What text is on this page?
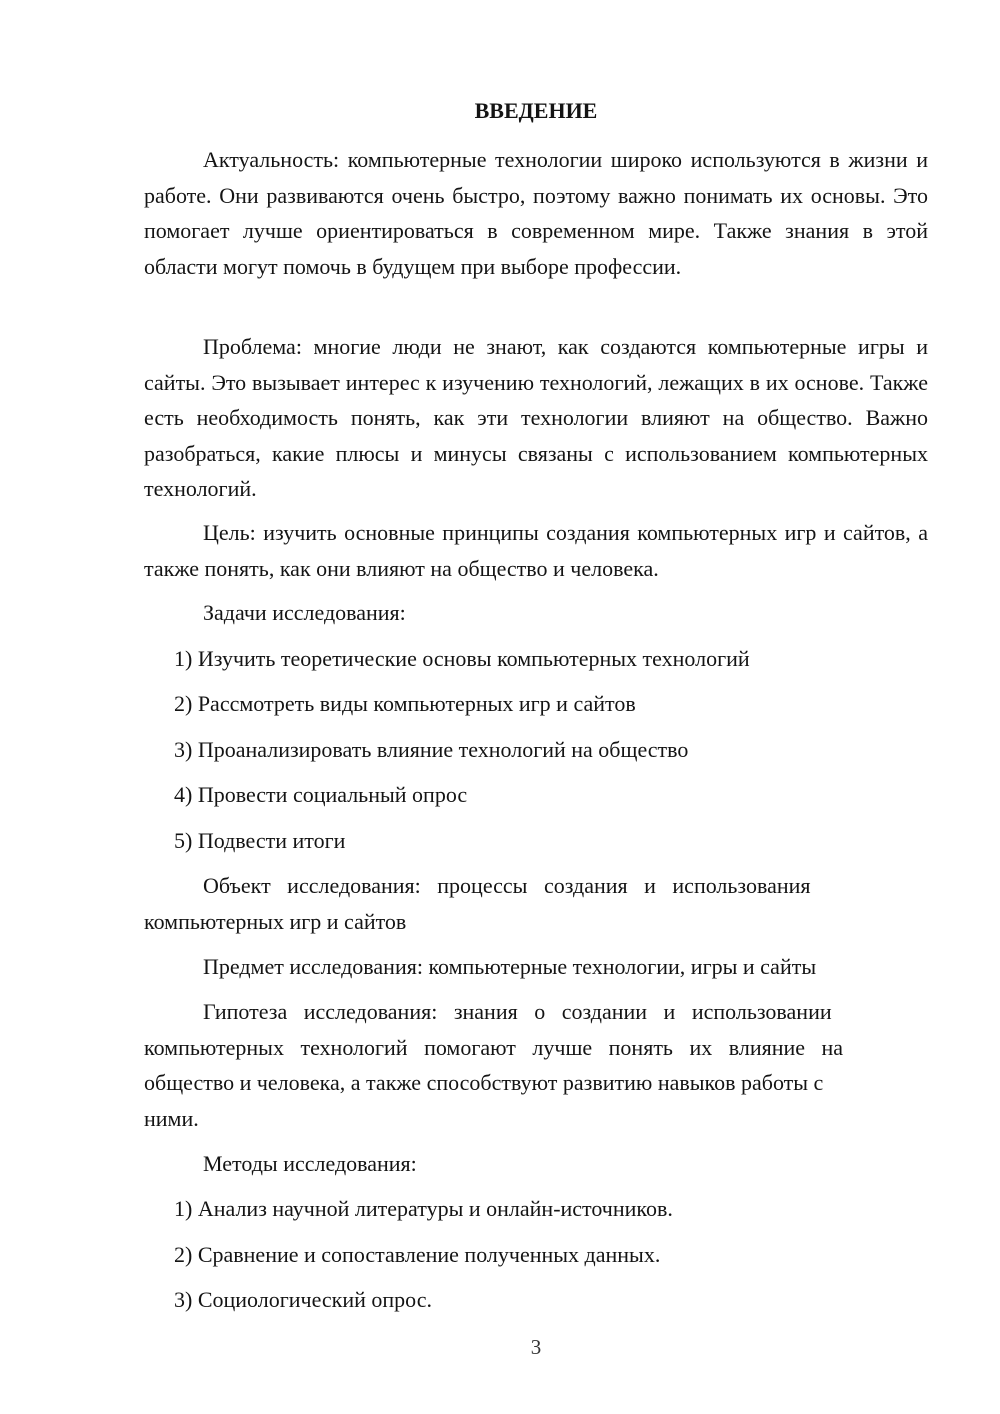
ВВЕДЕНИЕ

Актуальность: компьютерные технологии широко используются в жизни и работе. Они развиваются очень быстро, поэтому важно понимать их основы. Это помогает лучше ориентироваться в современном мире. Также знания в этой области могут помочь в будущем при выборе профессии.

Проблема: многие люди не знают, как создаются компьютерные игры и сайты. Это вызывает интерес к изучению технологий, лежащих в их основе. Также есть необходимость понять, как эти технологии влияют на общество. Важно разобраться, какие плюсы и минусы связаны с использованием компьютерных технологий.

Цель: изучить основные принципы создания компьютерных игр и сайтов, а также понять, как они влияют на общество и человека.

Задачи исследования:
1) Изучить теоретические основы компьютерных технологий
2) Рассмотреть виды компьютерных игр и сайтов
3) Проанализировать влияние технологий на общество
4) Провести социальный опрос
5) Подвести итоги
Объект   исследования:   процессы   создания   и   использования
компьютерных игр и сайтов
Предмет исследования: компьютерные технологии, игры и сайты
Гипотеза   исследования:   знания   о   создании   и   использовании
компьютерных   технологий   помогают   лучше   понять   их   влияние   на
общество и человека, а также способствуют развитию навыков работы с
ними.
Методы исследования:
1) Анализ научной литературы и онлайн-источников.
2) Сравнение и сопоставление полученных данных.
3) Социологический опрос.
3
